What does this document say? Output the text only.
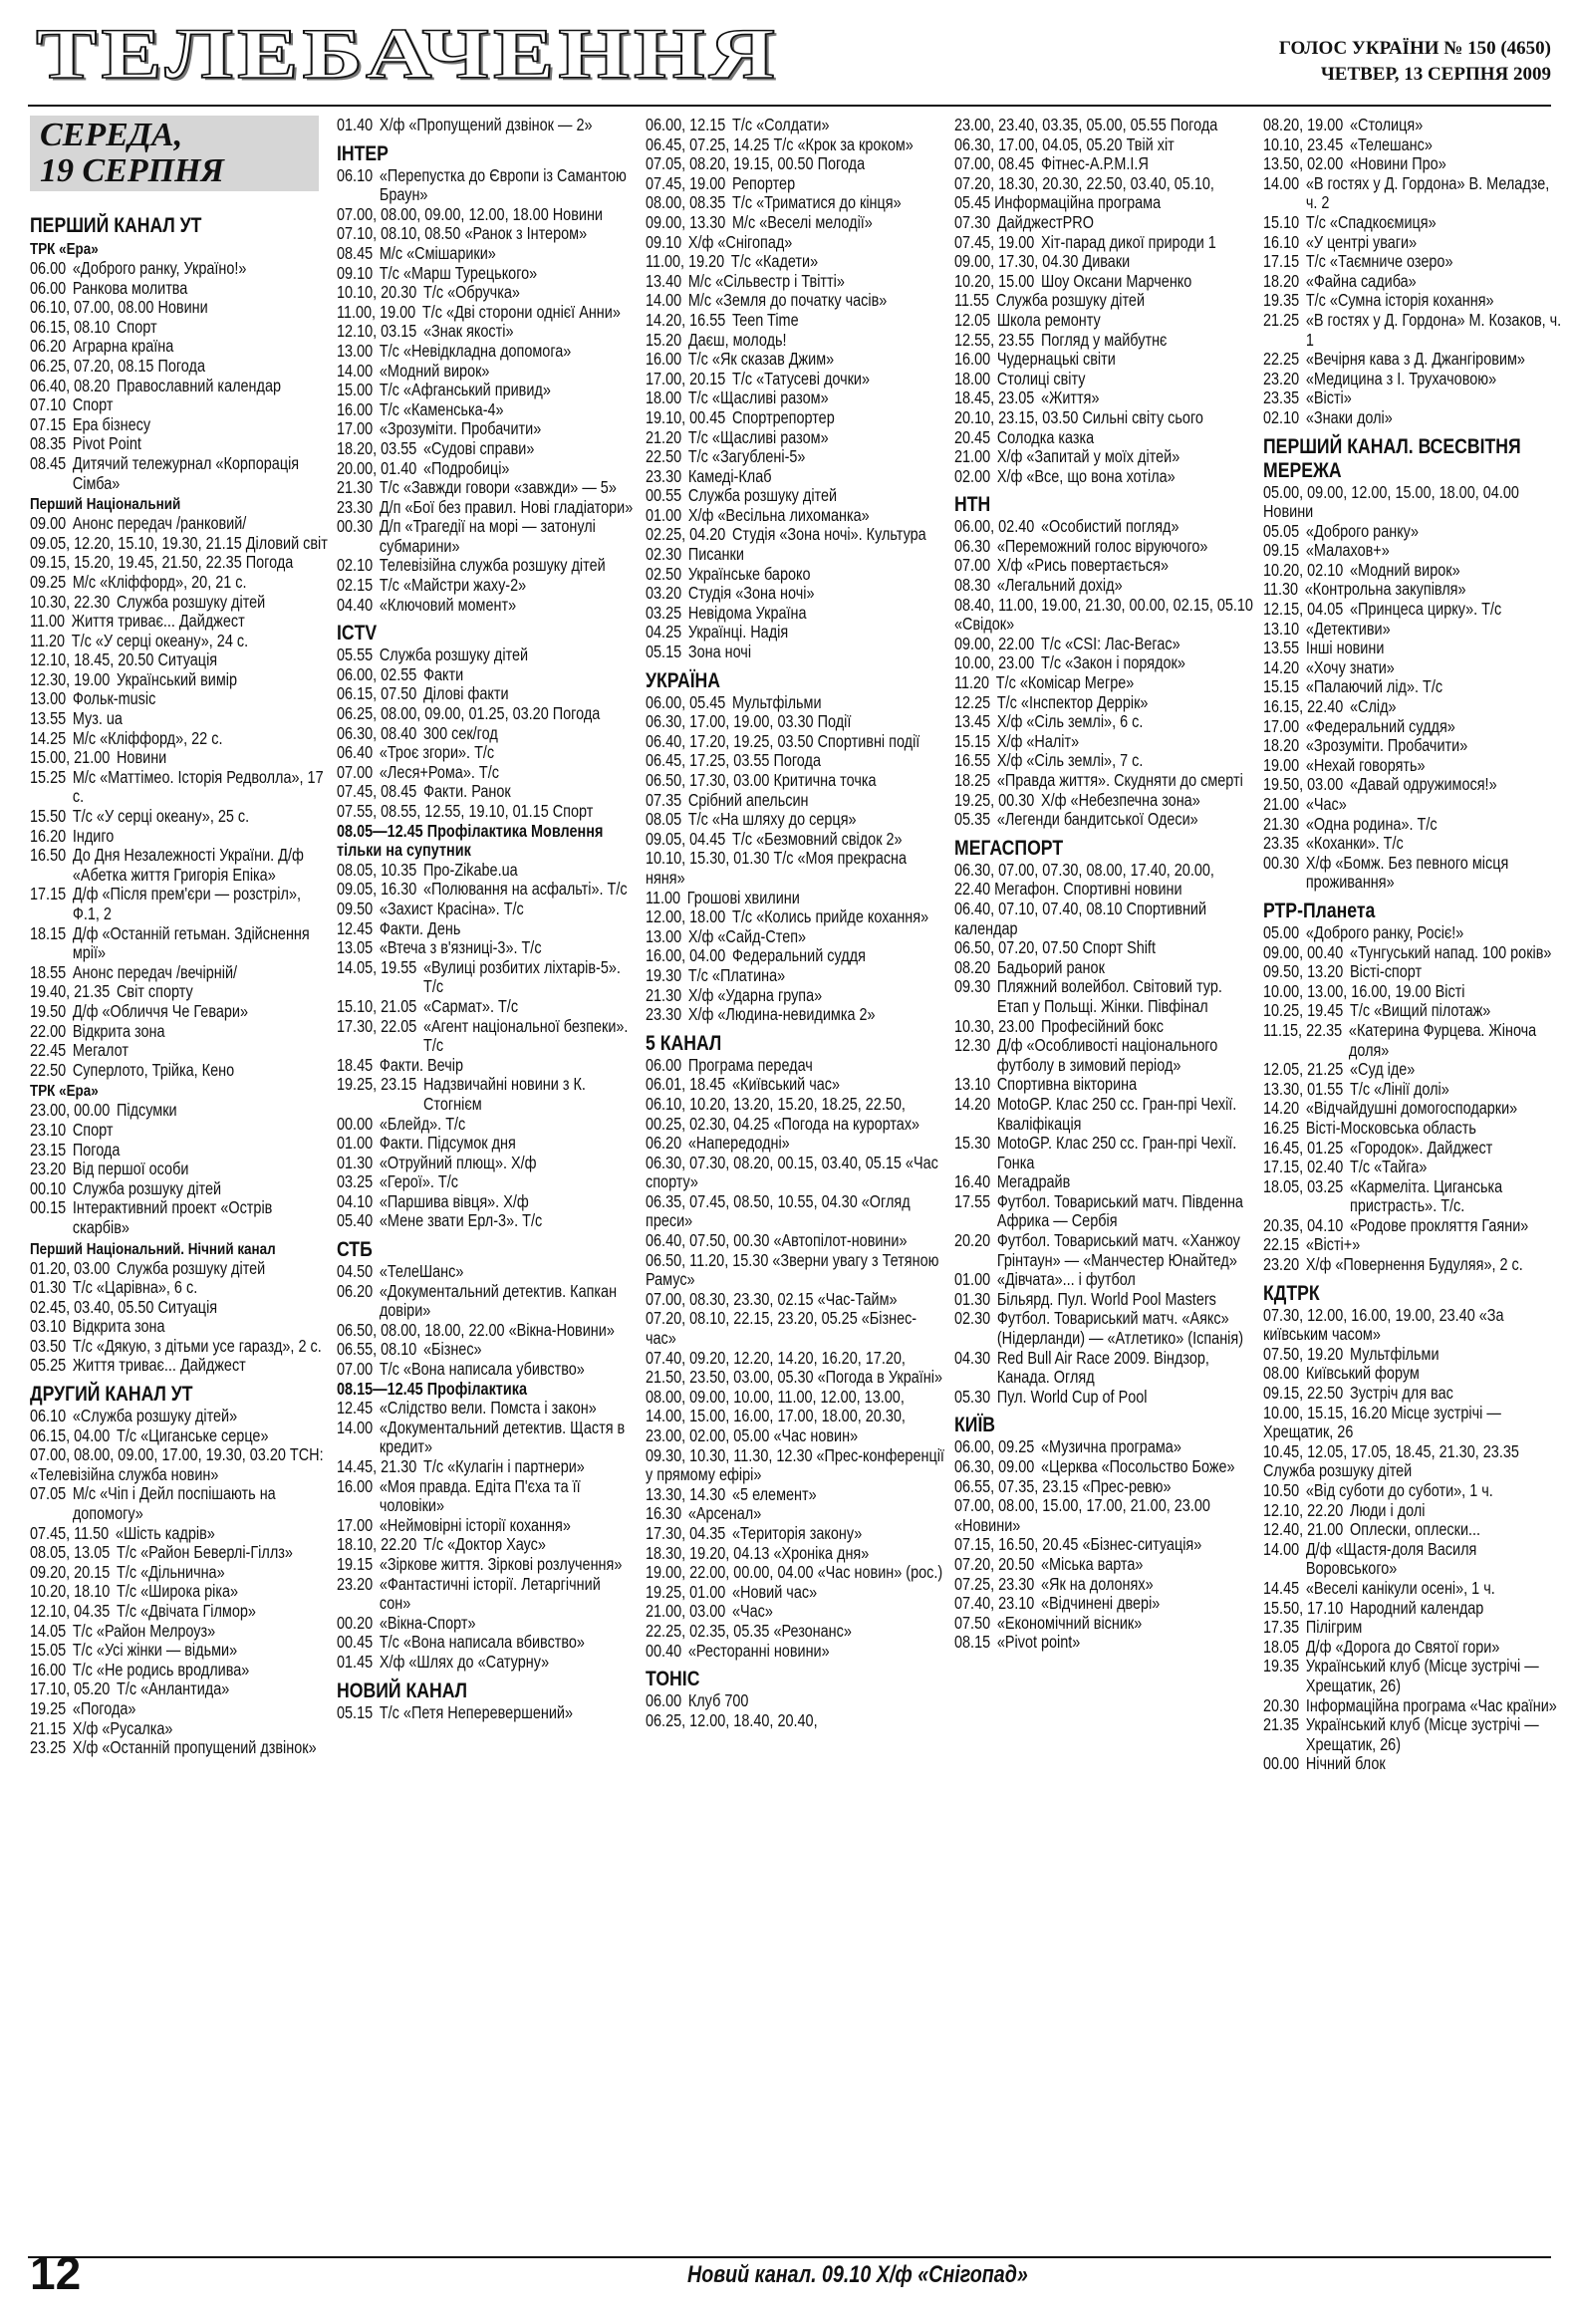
ТЕЛЕБАЧЕННЯ	ГОЛОС УКРАЇНИ № 150 (4650)
ЧЕТВЕР, 13 СЕРПНЯ 2009
СЕРЕДА,
19 СЕРПНЯ
ПЕРШИЙ КАНАЛ УТ
ТРК «Ера»
06.00 «Доброго ранку, Україно!»
06.00 Ранкова молитва
06.10, 07.00, 08.00 Новини
06.15, 08.10 Спорт
06.20 Аграрна країна
06.25, 07.20, 08.15 Погода
06.40, 08.20 Православний календар
07.10 Спорт
07.15 Ера бізнесу
08.35 Pivot Point
08.45 Дитячий тележурнал «Корпорація Сімба»
Перший Національний
09.00 Анонс передач /ранковий/
09.05, 12.20, 15.10, 19.30, 21.15 Діловий світ
09.15, 15.20, 19.45, 21.50, 22.35 Погода
09.25 М/с «Кліффорд», 20, 21 с.
10.30, 22.30 Служба розшуку дітей
11.00 Життя триває... Дайджест
11.20 Т/с «У серці океану», 24 с.
12.10, 18.45, 20.50 Ситуація
12.30, 19.00 Український вимір
13.00 Фольк-music
13.55 Муз. ua
14.25 М/с «Кліффорд», 22 с.
15.00, 21.00 Новини
15.25 М/с «Маттімео. Історія Редволла», 17 с.
15.50 Т/с «У серці океану», 25 с.
16.20 Індиго
16.50 До Дня Незалежності України. Д/ф «Абетка життя Григорія Епіка»
17.15 Д/ф «Після прем'єри — розстріл», Ф.1, 2
18.15 Д/ф «Останній гетьман. Здійснення мрії»
18.55 Анонс передач /вечірній/
19.40, 21.35 Світ спорту
19.50 Д/ф «Обличчя Че Гевари»
22.00 Відкрита зона
22.45 Мегалот
22.50 Суперлото, Трійка, Кено
ТРК «Ера»
23.00, 00.00 Підсумки
23.10 Спорт
23.15 Погода
23.20 Від першої особи
00.10 Служба розшуку дітей
00.15 Інтерактивний проект «Острів скарбів»
Перший Національний. Нічний канал
01.20, 03.00 Служба розшуку дітей
01.30 Т/с «Царівна», 6 с.
02.45, 03.40, 05.50 Ситуація
03.10 Відкрита зона
03.50 Т/с «Дякую, з дітьми усе гаразд», 2 с.
05.25 Життя триває... Дайджест
ДРУГИЙ КАНАЛ УТ
06.10 «Служба розшуку дітей»
06.15, 04.00 Т/с «Циганське серце»
07.00, 08.00, 09.00, 17.00, 19.30, 03.20 ТСН: «Телевізійна служба новин»
07.05 М/с «Чіп і Дейл поспішають на допомогу»
07.45, 11.50 «Шість кадрів»
08.05, 13.05 Т/с «Район Беверлі-Гіллз»
09.20, 20.15 Т/с «Дільнична»
10.20, 18.10 Т/с «Широка ріка»
12.10, 04.35 Т/с «Двічата Гілмор»
14.05 Т/с «Район Мелроуз»
15.05 Т/с «Усі жінки — відьми»
16.00 Т/с «Не родись вродлива»
17.10, 05.20 Т/с «Анлантида»
19.25 «Погода»
21.15 Х/ф «Русалка»
23.25 Х/ф «Останній пропущений дзвінок»
01.40 Х/ф «Пропущений дзвінок — 2»
ІНТЕР
06.10 «Перепустка до Європи із Самантою Браун»
07.00, 08.00, 09.00, 12.00, 18.00 Новини
07.10, 08.10, 08.50 «Ранок з Інтером»
08.45 М/с «Смішарики»
09.10 Т/с «Марш Турецького»
10.10, 20.30 Т/с «Обручка»
11.00, 19.00 Т/с «Дві сторони однієї Анни»
12.10, 03.15 «Знак якості»
13.00 Т/с «Невідкладна допомога»
14.00 «Модний вирок»
15.00 Т/с «Афганський привид»
16.00 Т/с «Каменська-4»
17.00 «Зрозуміти. Пробачити»
18.20, 03.55 «Судові справи»
20.00, 01.40 «Подробиці»
21.30 Т/с «Завжди говори «завжди» — 5»
23.30 Д/п «Бої без правил. Нові гладіатори»
00.30 Д/п «Трагедії на морі — затонулі субмарини»
02.10 Телевізійна служба розшуку дітей
02.15 Т/с «Майстри жаху-2»
04.40 «Ключовий момент»
ICTV
05.55 Служба розшуку дітей
06.00, 02.55 Факти
06.15, 07.50 Ділові факти
06.25, 08.00, 09.00, 01.25, 03.20 Погода
06.30, 08.40 300 сек/год
06.40 «Троє згори». Т/с
07.00 «Леся+Рома». Т/с
07.45, 08.45 Факти. Ранок
07.55, 08.55, 12.55, 19.10, 01.15 Спорт
08.05—12.45 Профілактика Мовлення тільки на супутник
08.05, 10.35 Про-Zikabe.ua
09.05, 16.30 «Полювання на асфальті». Т/с
09.50 «Захист Красіна». Т/с
12.45 Факти. День
13.05 «Втеча з в'язниці-3». Т/с
14.05, 19.55 «Вулиці розбитих ліхтарів-5». Т/с
15.10, 21.05 «Сармат». Т/с
17.30, 22.05 «Агент національної безпеки». Т/с
18.45 Факти. Вечір
19.25, 23.15 Надзвичайні новини з К. Стогнієм
00.00 «Блейд». Т/с
01.00 Факти. Підсумок дня
01.30 «Отруйний плющ». Х/ф
03.25 «Герої». Т/с
04.10 «Паршива вівця». Х/ф
05.40 «Мене звати Ерл-3». Т/с
СТБ
04.50 «ТелеШанс»
06.20 «Документальний детектив. Капкан довіри»
06.50, 08.00, 18.00, 22.00 «Вікна-Новини»
06.55, 08.10 «Бізнес»
07.00 Т/с «Вона написала убивство»
08.15—12.45 Профілактика
12.45 «Слідство вели. Помста і закон»
14.00 «Документальний детектив. Щастя в кредит»
14.45, 21.30 Т/с «Кулагін і партнери»
16.00 «Моя правда. Едіта П'єха та її чоловіки»
17.00 «Неймовірні історії кохання»
18.10, 22.20 Т/с «Доктор Хаус»
19.15 «Зіркове життя. Зіркові розлучення»
23.20 «Фантастичні історії. Летаргічний сон»
00.20 «Вікна-Спорт»
00.45 Т/с «Вона написала вбивство»
01.45 Х/ф «Шлях до «Сатурну»
НОВИЙ КАНАЛ
05.15 Т/с «Петя Неперевершений»
06.00, 12.15 Т/с «Солдати»
06.45, 07.25, 14.25 Т/с «Крок за кроком»
07.05, 08.20, 19.15, 00.50 Погода
07.45, 19.00 Репортер
08.00, 08.35 Т/с «Триматися до кінця»
09.00, 13.30 М/с «Веселі мелодії»
09.10 Х/ф «Снігопад»
11.00, 19.20 Т/с «Кадети»
13.40 М/с «Сільвестр і Твітті»
14.00 М/с «Земля до початку часів»
14.20, 16.55 Teen Time
15.20 Даєш, молодь!
16.00 Т/с «Як сказав Джим»
17.00, 20.15 Т/с «Татусеві дочки»
18.00 Т/с «Щасливі разом»
19.10, 00.45 Спортрепортер
21.20 Т/с «Щасливі разом»
22.50 Т/с «Загублені-5»
23.30 Камеді-Клаб
00.55 Служба розшуку дітей
01.00 Х/ф «Весільна лихоманка»
02.25, 04.20 Студія «Зона ночі». Культура
02.30 Писанки
02.50 Українське бароко
03.20 Студія «Зона ночі»
03.25 Невідома Україна
04.25 Українці. Надія
05.15 Зона ночі
УКРАЇНА
06.00, 05.45 Мультфільми
06.30, 17.00, 19.00, 03.30 Події
06.40, 17.20, 19.25, 03.50 Спортивні події
06.45, 17.25, 03.55 Погода
06.50, 17.30, 03.00 Критична точка
07.35 Срібний апельсин
08.05 Т/с «На шляху до серця»
09.05, 04.45 Т/с «Безмовний свідок 2»
10.10, 15.30, 01.30 Т/с «Моя прекрасна няня»
11.00 Грошові хвилини
12.00, 18.00 Т/с «Колись прийде кохання»
13.00 Х/ф «Сайд-Степ»
16.00, 04.00 Федеральний суддя
19.30 Т/с «Платина»
21.30 Х/ф «Ударна група»
23.30 Х/ф «Людина-невидимка 2»
5 КАНАЛ
06.00 Програма передач
06.01, 18.45 «Київський час»
06.10, 10.20, 13.20, 15.20, 18.25, 22.50, 00.25, 02.30, 04.25 «Погода на курортах»
06.20 «Напередодні»
06.30, 07.30, 08.20, 00.15, 03.40, 05.15 «Час спорту»
06.35, 07.45, 08.50, 10.55, 04.30 «Огляд преси»
06.40, 07.50, 00.30 «Автопілот-новини»
06.50, 11.20, 15.30 «Зверни увагу з Тетяною Рамус»
07.00, 08.30, 23.30, 02.15 «Час-Тайм»
07.20, 08.10, 22.15, 23.20, 05.25 «Бізнес-час»
07.40, 09.20, 12.20, 14.20, 16.20, 17.20, 21.50, 23.50, 03.00, 05.30 «Погода в Україні»
08.00, 09.00, 10.00, 11.00, 12.00, 13.00, 14.00, 15.00, 16.00, 17.00, 18.00, 20.30, 23.00, 02.00, 05.00 «Час новин»
09.30, 10.30, 11.30, 12.30 «Прес-конференції у прямому ефірі»
13.30, 14.30 «5 елемент»
16.30 «Арсенал»
17.30, 04.35 «Територія закону»
18.30, 19.20, 04.13 «Хроніка дня»
19.00, 22.00, 00.00, 04.00 «Час новин» (рос.)
19.25, 01.00 «Новий час»
21.00, 03.00 «Час»
22.25, 02.35, 05.35 «Резонанс»
00.40 «Ресторанні новини»
ТОНІС
06.00 Клуб 700
06.25, 12.00, 18.40, 20.40,
23.00, 23.40, 03.35, 05.00, 05.55 Погода
06.30, 17.00, 04.05, 05.20 Твій хіт
07.00, 08.45 Фітнес-А.Р.М.І.Я
07.20, 18.30, 20.30, 22.50, 03.40, 05.10, 05.45 Информаційна програма
07.30 ДайджестPRO
07.45, 19.00 Хіт-парад дикої природи 1
09.00, 17.30, 04.30 Диваки
10.20, 15.00 Шоу Оксани Марченко
11.55 Служба розшуку дітей
12.05 Школа ремонту
12.55, 23.55 Погляд у майбутнє
16.00 Чудернацькі світи
18.00 Столиці світу
18.45, 23.05 «Життя»
20.10, 23.15, 03.50 Сильні світу сього
20.45 Солодка казка
21.00 Х/ф «Запитай у моїх дітей»
02.00 Х/ф «Все, що вона хотіла»
НТН
06.00, 02.40 «Особистий погляд»
06.30 «Переможний голос віруючого»
07.00 Х/ф «Рись повертається»
08.30 «Легальний дохід»
08.40, 11.00, 19.00, 21.30, 00.00, 02.15, 05.10 «Свідок»
09.00, 22.00 Т/с «CSI: Лас-Вегас»
10.00, 23.00 Т/с «Закон і порядок»
11.20 Т/с «Комісар Мегре»
12.25 Т/с «Інспектор Деррік»
13.45 Х/ф «Сіль землі», 6 с.
15.15 Х/ф «Наліт»
16.55 Х/ф «Сіль землі», 7 с.
18.25 «Правда життя». Скудняти до смерті
19.25, 00.30 Х/ф «Небезпечна зона»
05.35 «Легенди бандитської Одеси»
МЕГАСПОРТ
06.30, 07.00, 07.30, 08.00, 17.40, 20.00, 22.40 Мегафон. Спортивні новини
06.40, 07.10, 07.40, 08.10 Спортивний календар
06.50, 07.20, 07.50 Спорт Shift
08.20 Бадьорий ранок
09.30 Пляжний волейбол. Світовий тур. Етап у Польщі. Жінки. Півфінал
10.30, 23.00 Професійний бокс
12.30 Д/ф «Особливості національного футболу в зимовий період»
13.10 Спортивна вікторина
14.20 MotoGP. Клас 250 сс. Гран-прі Чехії. Кваліфікація
15.30 MotoGP. Клас 250 сс. Гран-прі Чехії. Гонка
16.40 Мегадрайв
17.55 Футбол. Товариський матч. Південна Африка — Сербія
20.20 Футбол. Товариський матч. «Ханжоу Грінтаун» — «Манчестер Юнайтед»
01.00 «Дівчата»... і футбол
01.30 Більярд. Пул. World Pool Masters
02.30 Футбол. Товариський матч. «Аякс» (Нідерланди) — «Атлетико» (Іспанія)
04.30 Red Bull Air Race 2009. Віндзор, Канада. Огляд
05.30 Пул. World Cup of Pool
КИЇВ
06.00, 09.25 «Музична програма»
06.30, 09.00 «Церква «Посольство Боже»
06.55, 07.35, 23.15 «Прес-ревю»
07.00, 08.00, 15.00, 17.00, 21.00, 23.00 «Новини»
07.15, 16.50, 20.45 «Бізнес-ситуація»
07.20, 20.50 «Міська варта»
07.25, 23.30 «Як на долонях»
07.40, 23.10 «Відчинені двері»
07.50 «Економічний вісник»
08.15 «Pivot point»
08.20, 19.00 «Столиця»
10.10, 23.45 «Телешанс»
13.50, 02.00 «Новини Про»
14.00 «В гостях у Д. Гордона» В. Меладзе, ч. 2
15.10 Т/с «Спадкоємиця»
16.10 «У центрі уваги»
17.15 Т/с «Таємниче озеро»
18.20 «Файна садиба»
19.35 Т/с «Сумна історія кохання»
21.25 «В гостях у Д. Гордона» М. Козаков, ч. 1
22.25 «Вечірня кава з Д. Джангіровим»
23.20 «Медицина з І. Трухачовою»
23.35 «Вісті»
02.10 «Знаки долі»
ПЕРШИЙ КАНАЛ. ВСЕСВІТНЯ МЕРЕЖА
05.00, 09.00, 12.00, 15.00, 18.00, 04.00 Новини
05.05 «Доброго ранку»
09.15 «Малахов+»
10.20, 02.10 «Модний вирок»
11.30 «Контрольна закупівля»
12.15, 04.05 «Принцеса цирку». Т/с
13.10 «Детективи»
13.55 Інші новини
14.20 «Хочу знати»
15.15 «Палаючий лід». Т/с
16.15, 22.40 «Слід»
17.00 «Федеральний суддя»
18.20 «Зрозуміти. Пробачити»
19.00 «Нехай говорять»
19.50, 03.00 «Давай одружимося!»
21.00 «Час»
21.30 «Одна родина». Т/с
23.35 «Коханки». Т/с
00.30 Х/ф «Бомж. Без певного місця проживання»
РТР-Планета
05.00 «Доброго ранку, Росіє!»
09.00, 00.40 «Тунгуський напад. 100 років»
09.50, 13.20 Вісті-спорт
10.00, 13.00, 16.00, 19.00 Вісті
10.25, 19.45 Т/с «Вищий пілотаж»
11.15, 22.35 «Катерина Фурцева. Жіноча доля»
12.05, 21.25 «Суд іде»
13.30, 01.55 Т/с «Лінії долі»
14.20 «Відчайдушні домогосподарки»
16.25 Вісті-Московська область
16.45, 01.25 «Городок». Дайджест
17.15, 02.40 Т/с «Тайга»
18.05, 03.25 «Кармеліта. Циганська пристрасть». Т/с.
20.35, 04.10 «Родове прокляття Гаяни»
22.15 «Вісті+»
23.20 Х/ф «Повернення Будуляя», 2 с.
КДТРК
07.30, 12.00, 16.00, 19.00, 23.40 «За київським часом»
07.50, 19.20 Мультфільми
08.00 Київський форум
09.15, 22.50 Зустріч для вас
10.00, 15.15, 16.20 Місце зустрічі — Хрещатик, 26
10.45, 12.05, 17.05, 18.45, 21.30, 23.35 Служба розшуку дітей
10.50 «Від суботи до суботи», 1 ч.
12.10, 22.20 Люди і долі
12.40, 21.00 Оплески, оплески...
14.00 Д/ф «Щастя-доля Василя Воровського»
14.45 «Веселі канікули осені», 1 ч.
15.50, 17.10 Народний календар
17.35 Пілігрим
18.05 Д/ф «Дорога до Святої гори»
19.35 Український клуб (Місце зустрічі — Хрещатик, 26)
20.30 Інформаційна програма «Час країни»
21.35 Український клуб (Місце зустрічі — Хрещатик, 26)
00.00 Нічний блок
12	Новий канал. 09.10 Х/ф «Снігопад»
